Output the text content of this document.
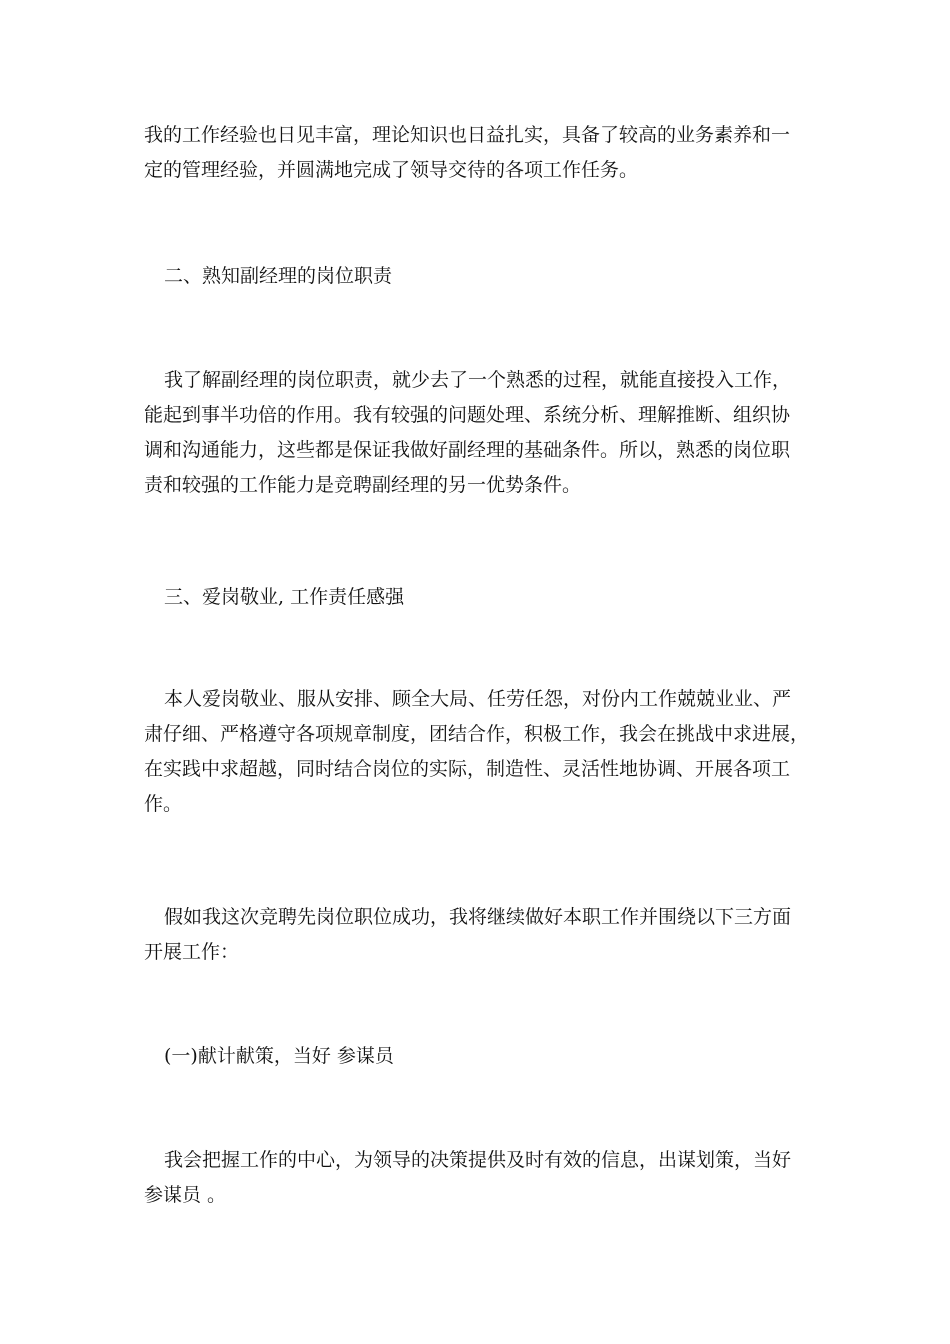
我的工作经验也日见丰富，理论知识也日益扎实，具备了较高的业务素养和一
定的管理经验，并圆满地完成了领导交待的各项工作任务。
二、熟知副经理的岗位职责
我了解副经理的岗位职责，就少去了一个熟悉的过程，就能直接投入工作，
能起到事半功倍的作用。我有较强的问题处理、系统分析、理解推断、组织协
调和沟通能力，这些都是保证我做好副经理的基础条件。所以，熟悉的岗位职
责和较强的工作能力是竞聘副经理的另一优势条件。
三、爱岗敬业, 工作责任感强
本人爱岗敬业、服从安排、顾全大局、任劳任怨，对份内工作兢兢业业、严
肃仔细、严格遵守各项规章制度，团结合作，积极工作，我会在挑战中求进展，
在实践中求超越，同时结合岗位的实际，制造性、灵活性地协调、开展各项工
作。
假如我这次竞聘先岗位职位成功，我将继续做好本职工作并围绕以下三方面
开展工作：
(一)献计献策，当好 参谋员
我会把握工作的中心，为领导的决策提供及时有效的信息，出谋划策，当好
参谋员 。
